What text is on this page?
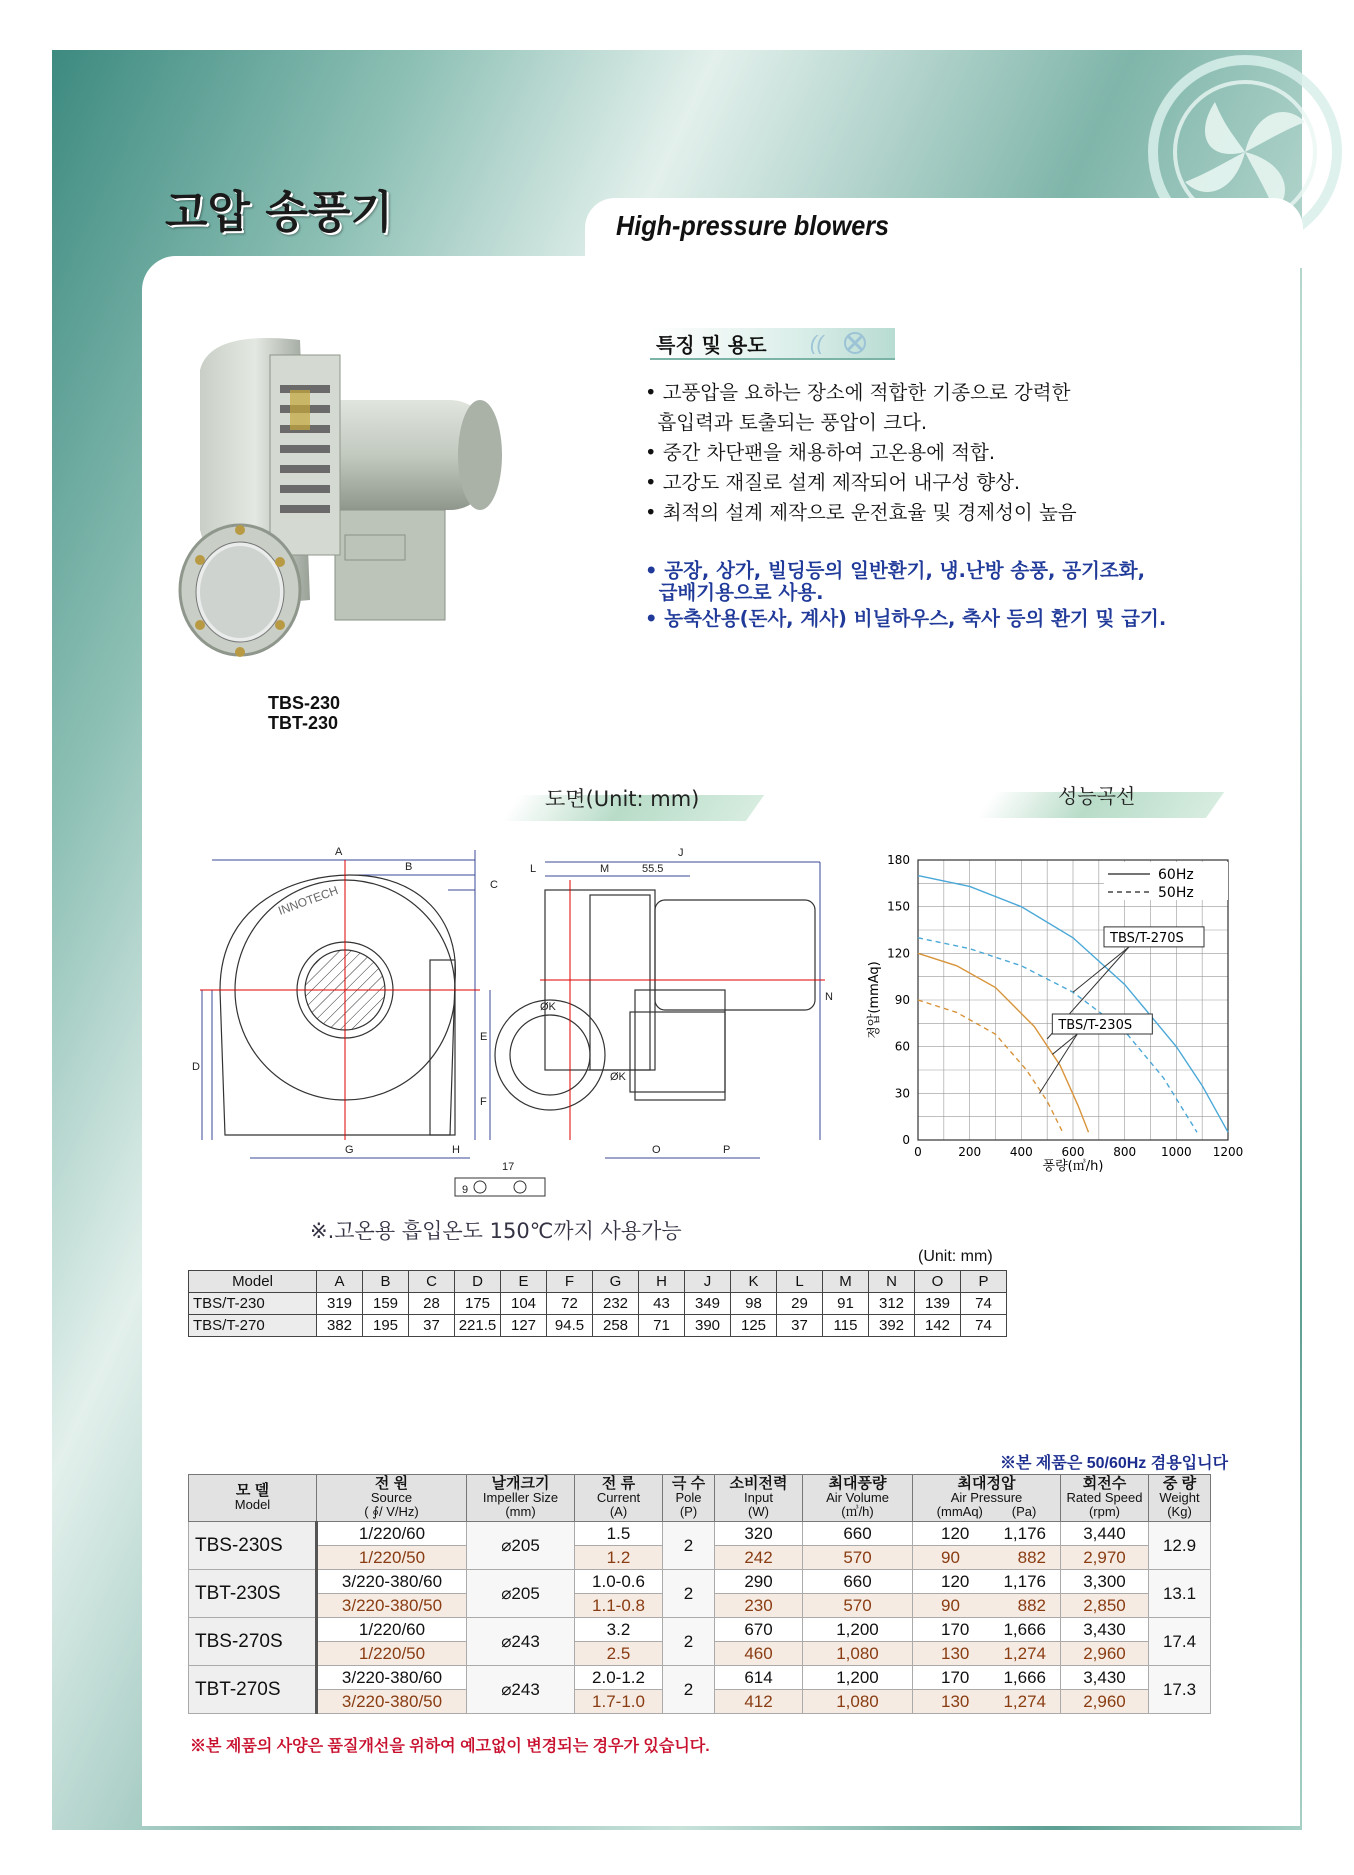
고압 송풍기	High-pressure blowers
TBS-230
TBT-230
특징 및 용도 ((
• 고풍압을 요하는 장소에 적합한 기종으로 강력한
흡입력과 토출되는 풍압이 크다.
• 중간 차단팬을 채용하여 고온용에 적합.
• 고강도 재질로 설계 제작되어 내구성 향상.
• 최적의 설계 제작으로 운전효율 및 경제성이 높음
• 공장, 상가, 빌딩등의 일반환기, 냉.난방 송풍, 공기조화,
급배기용으로 사용.
• 농축산용(돈사, 계사) 비닐하우스, 축사 등의 환기 및 급기.
도면(Unit: mm)	성능곡선
A
B
C
D
E
F
G	H
J
L	M	55.5
N
O	P
ØK
ØK
17
9
INNOTECH
0	200 400 600 800 1000 1200
0
30
60
90
120
150
180
풍량(㎥/h)
정압(mmAq)
60Hz
50Hz
TBS/T-270S
TBS/T-230S
※.고온용 흡입온도 150℃까지 사용가능
(Unit: mm)
Model	A	B	C	D	E	F	G	H	J	K	L	M	N	O	P
TBS/T-230	319	159	28	175	104	72	232	43	349	98	29	91	312	139	74
TBS/T-270	382	195	37	221.5	127	94.5	258	71	390	125	37	115	392	142	74
※본 제품은 50/60Hz 겸용입니다
모 델
Model	전 원
Source
( ∮/ V/Hz)	날개크기
Impeller Size
(mm)	전 류
Current
(A)	극 수
Pole
(P)	소비전력
Input
(W)	최대풍량
Air Volume
(㎥/h)	최대정압
Air Pressure
(mmAq) (Pa)	회전수
Rated Speed
(rpm)	중 량
Weight
(Kg)
TBS-230S	1/220/60	⌀205	1.5	2	320	660	120 1,176	3,440	12.9
	1/220/50		1.2		242	570	90 882	2,970	
TBT-230S	3/220-380/60	⌀205	1.0-0.6	2	290	660	120 1,176	3,300	13.1
	3/220-380/50		1.1-0.8		230	570	90 882	2,850	
TBS-270S	1/220/60	⌀243	3.2	2	670	1,200	170 1,666	3,430	17.4
	1/220/50		2.5		460	1,080	130 1,274	2,960	
TBT-270S	3/220-380/60	⌀243	2.0-1.2	2	614	1,200	170 1,666	3,430	17.3
	3/220-380/50		1.7-1.0		412	1,080	130 1,274	2,960	
※본 제품의 사양은 품질개선을 위하여 예고없이 변경되는 경우가 있습니다.
